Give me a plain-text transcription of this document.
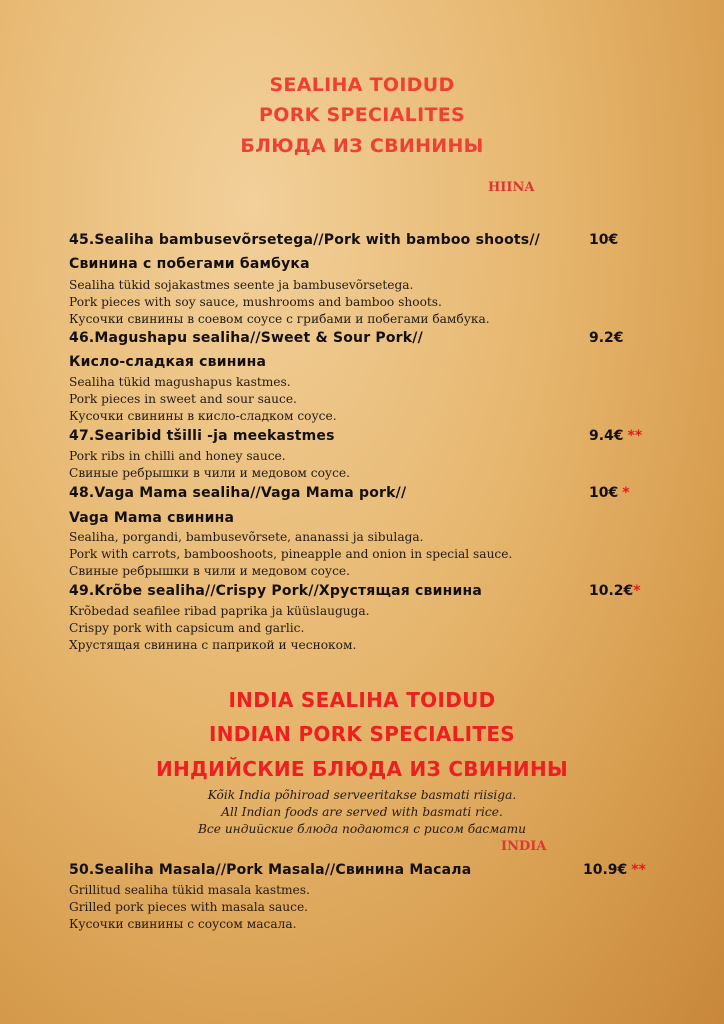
SEALIHA TOIDUD
PORK SPECIALITES
БЛЮДА ИЗ СВИНИНЫ
HIINA
45.Sealiha bambusevõrsetega//Pork with bamboo shoots//	10€
Свинина с побегами бамбука
Sealiha tükid sojakastmes seente ja bambusevõrsetega.
Pork pieces with soy sauce, mushrooms and bamboo shoots.
Кусочки свинины в соевом соусе с грибами и побегами бамбука.
46.Magushapu sealiha//Sweet & Sour Pork//	9.2€
Кисло-сладкая свинина
Sealiha tükid magushapus kastmes.
Pork pieces in sweet and sour sauce.
Кусочки свинины в кисло-сладком соусе.
47.Searibid tšilli -ja meekastmes	9.4€ **
Pork ribs in chilli and honey sauce.
Свиные ребрышки в чили и медовом соусе.
48.Vaga Mama sealiha//Vaga Mama pork//	10€ *
Vaga Mama свинина
Sealiha, porgandi, bambusevõrsete, ananassi ja sibulaga.
Pork with carrots, bambooshoots, pineapple and onion in special sauce.
Свиные ребрышки в чили и медовом соусе.
49.Krõbe sealiha//Crispy Pork//Хрустящая свинина	10.2€*
Krõbedad seafilee ribad paprika ja küüslauguga.
Crispy pork with capsicum and garlic.
Хрустящая свинина с паприкой и чесноком.
INDIA SEALIHA TOIDUD
INDIAN PORK SPECIALITES
ИНДИЙСКИЕ БЛЮДА ИЗ СВИНИНЫ
Kõik India põhiroad serveeritakse basmati riisiga.
All Indian foods are served with basmati rice.
Все индийские блюда подаются с рисом басмати
INDIA
50.Sealiha Masala//Pork Masala//Свинина Масала	10.9€ **
Grillitud sealiha tükid masala kastmes.
Grilled pork pieces with masala sauce.
Кусочки свинины с соусом масала.
